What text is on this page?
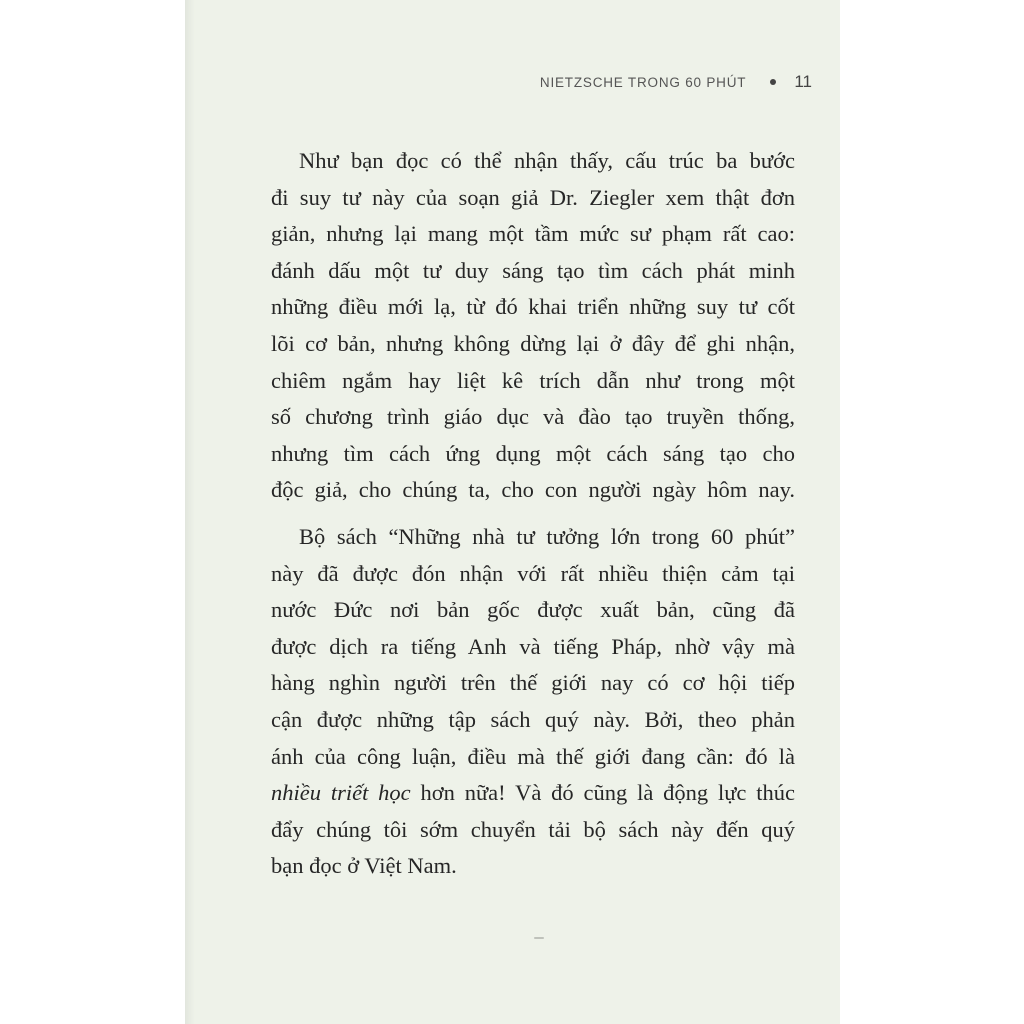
NIETZSCHE TRONG 60 PHÚT	11

Như bạn đọc có thể nhận thấy, cấu trúc ba bước
đi suy tư này của soạn giả Dr. Ziegler xem thật đơn
giản, nhưng lại mang một tầm mức sư phạm rất cao:
đánh dấu một tư duy sáng tạo tìm cách phát minh
những điều mới lạ, từ đó khai triển những suy tư cốt
lõi cơ bản, nhưng không dừng lại ở đây để ghi nhận,
chiêm ngắm hay liệt kê trích dẫn như trong một
số chương trình giáo dục và đào tạo truyền thống,
nhưng tìm cách ứng dụng một cách sáng tạo cho
độc giả, cho chúng ta, cho con người ngày hôm nay.

Bộ sách “Những nhà tư tưởng lớn trong 60 phút”
này đã được đón nhận với rất nhiều thiện cảm tại
nước Đức nơi bản gốc được xuất bản, cũng đã
được dịch ra tiếng Anh và tiếng Pháp, nhờ vậy mà
hàng nghìn người trên thế giới nay có cơ hội tiếp
cận được những tập sách quý này. Bởi, theo phản
ánh của công luận, điều mà thế giới đang cần: đó là
nhiều triết học hơn nữa! Và đó cũng là động lực thúc
đẩy chúng tôi sớm chuyển tải bộ sách này đến quý
bạn đọc ở Việt Nam.
